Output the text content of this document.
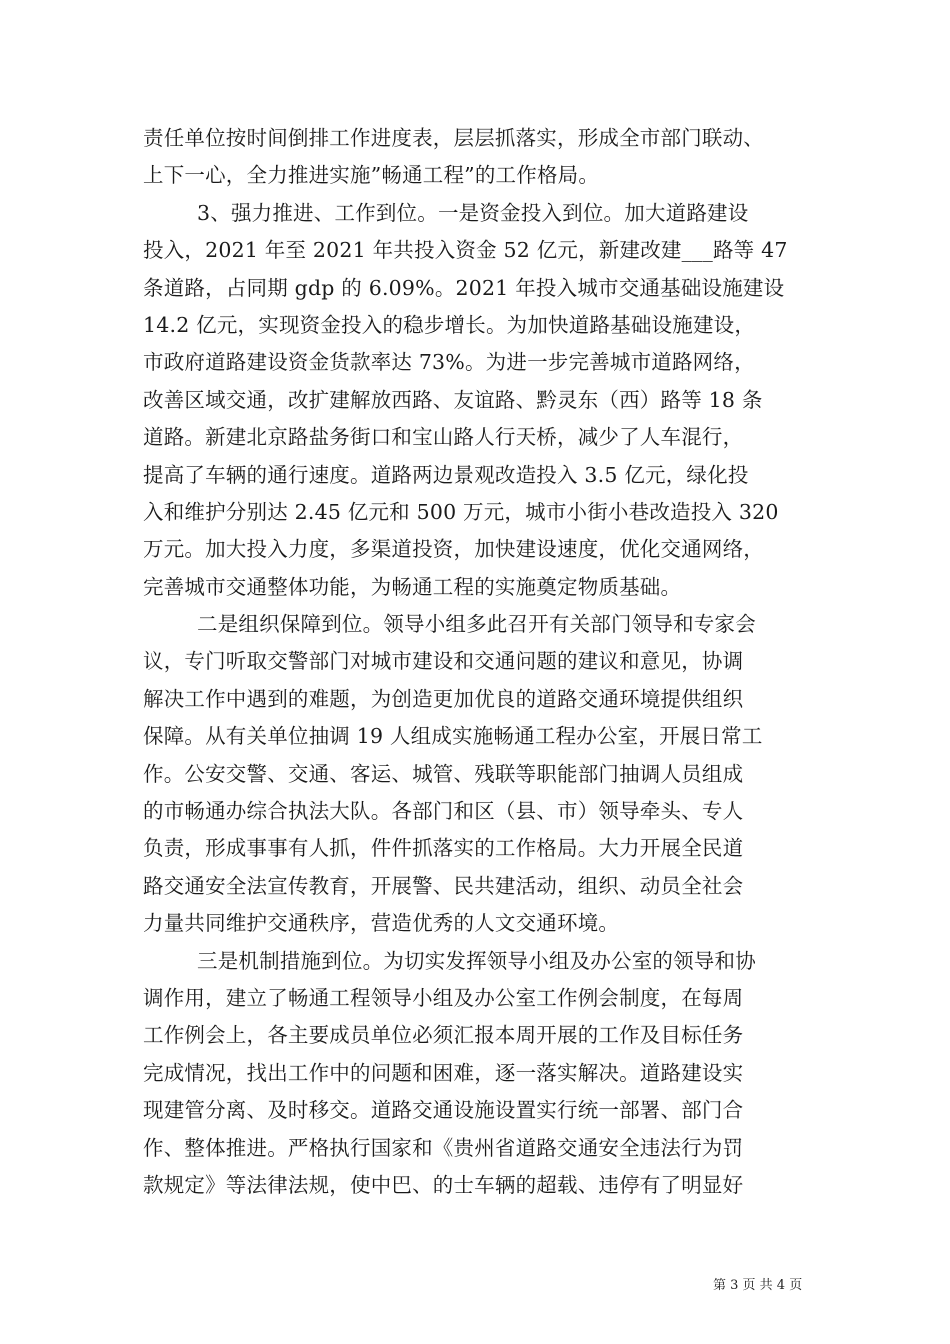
责任单位按时间倒排工作进度表，层层抓落实，形成全市部门联动、
上下一心，全力推进实施”畅通工程”的工作格局。
3、强力推进、工作到位。一是资金投入到位。加大道路建设
投入，2021 年至 2021 年共投入资金 52 亿元，新建改建___路等 47
条道路，占同期 gdp 的 6.09%。2021 年投入城市交通基础设施建设
14.2 亿元，实现资金投入的稳步增长。为加快道路基础设施建设，
市政府道路建设资金货款率达 73%。为进一步完善城市道路网络，
改善区域交通，改扩建解放西路、友谊路、黔灵东（西）路等 18 条
道路。新建北京路盐务街口和宝山路人行天桥，减少了人车混行，
提高了车辆的通行速度。道路两边景观改造投入 3.5 亿元，绿化投
入和维护分别达 2.45 亿元和 500 万元，城市小街小巷改造投入 320
万元。加大投入力度，多渠道投资，加快建设速度，优化交通网络，
完善城市交通整体功能，为畅通工程的实施奠定物质基础。
二是组织保障到位。领导小组多此召开有关部门领导和专家会
议，专门听取交警部门对城市建设和交通问题的建议和意见，协调
解决工作中遇到的难题，为创造更加优良的道路交通环境提供组织
保障。从有关单位抽调 19 人组成实施畅通工程办公室，开展日常工
作。公安交警、交通、客运、城管、残联等职能部门抽调人员组成
的市畅通办综合执法大队。各部门和区（县、市）领导牵头、专人
负责，形成事事有人抓，件件抓落实的工作格局。大力开展全民道
路交通安全法宣传教育，开展警、民共建活动，组织、动员全社会
力量共同维护交通秩序，营造优秀的人文交通环境。
三是机制措施到位。为切实发挥领导小组及办公室的领导和协
调作用，建立了畅通工程领导小组及办公室工作例会制度，在每周
工作例会上，各主要成员单位必须汇报本周开展的工作及目标任务
完成情况，找出工作中的问题和困难，逐一落实解决。道路建设实
现建管分离、及时移交。道路交通设施设置实行统一部署、部门合
作、整体推进。严格执行国家和《贵州省道路交通安全违法行为罚
款规定》等法律法规，使中巴、的士车辆的超载、违停有了明显好
第 3 页 共 4 页
